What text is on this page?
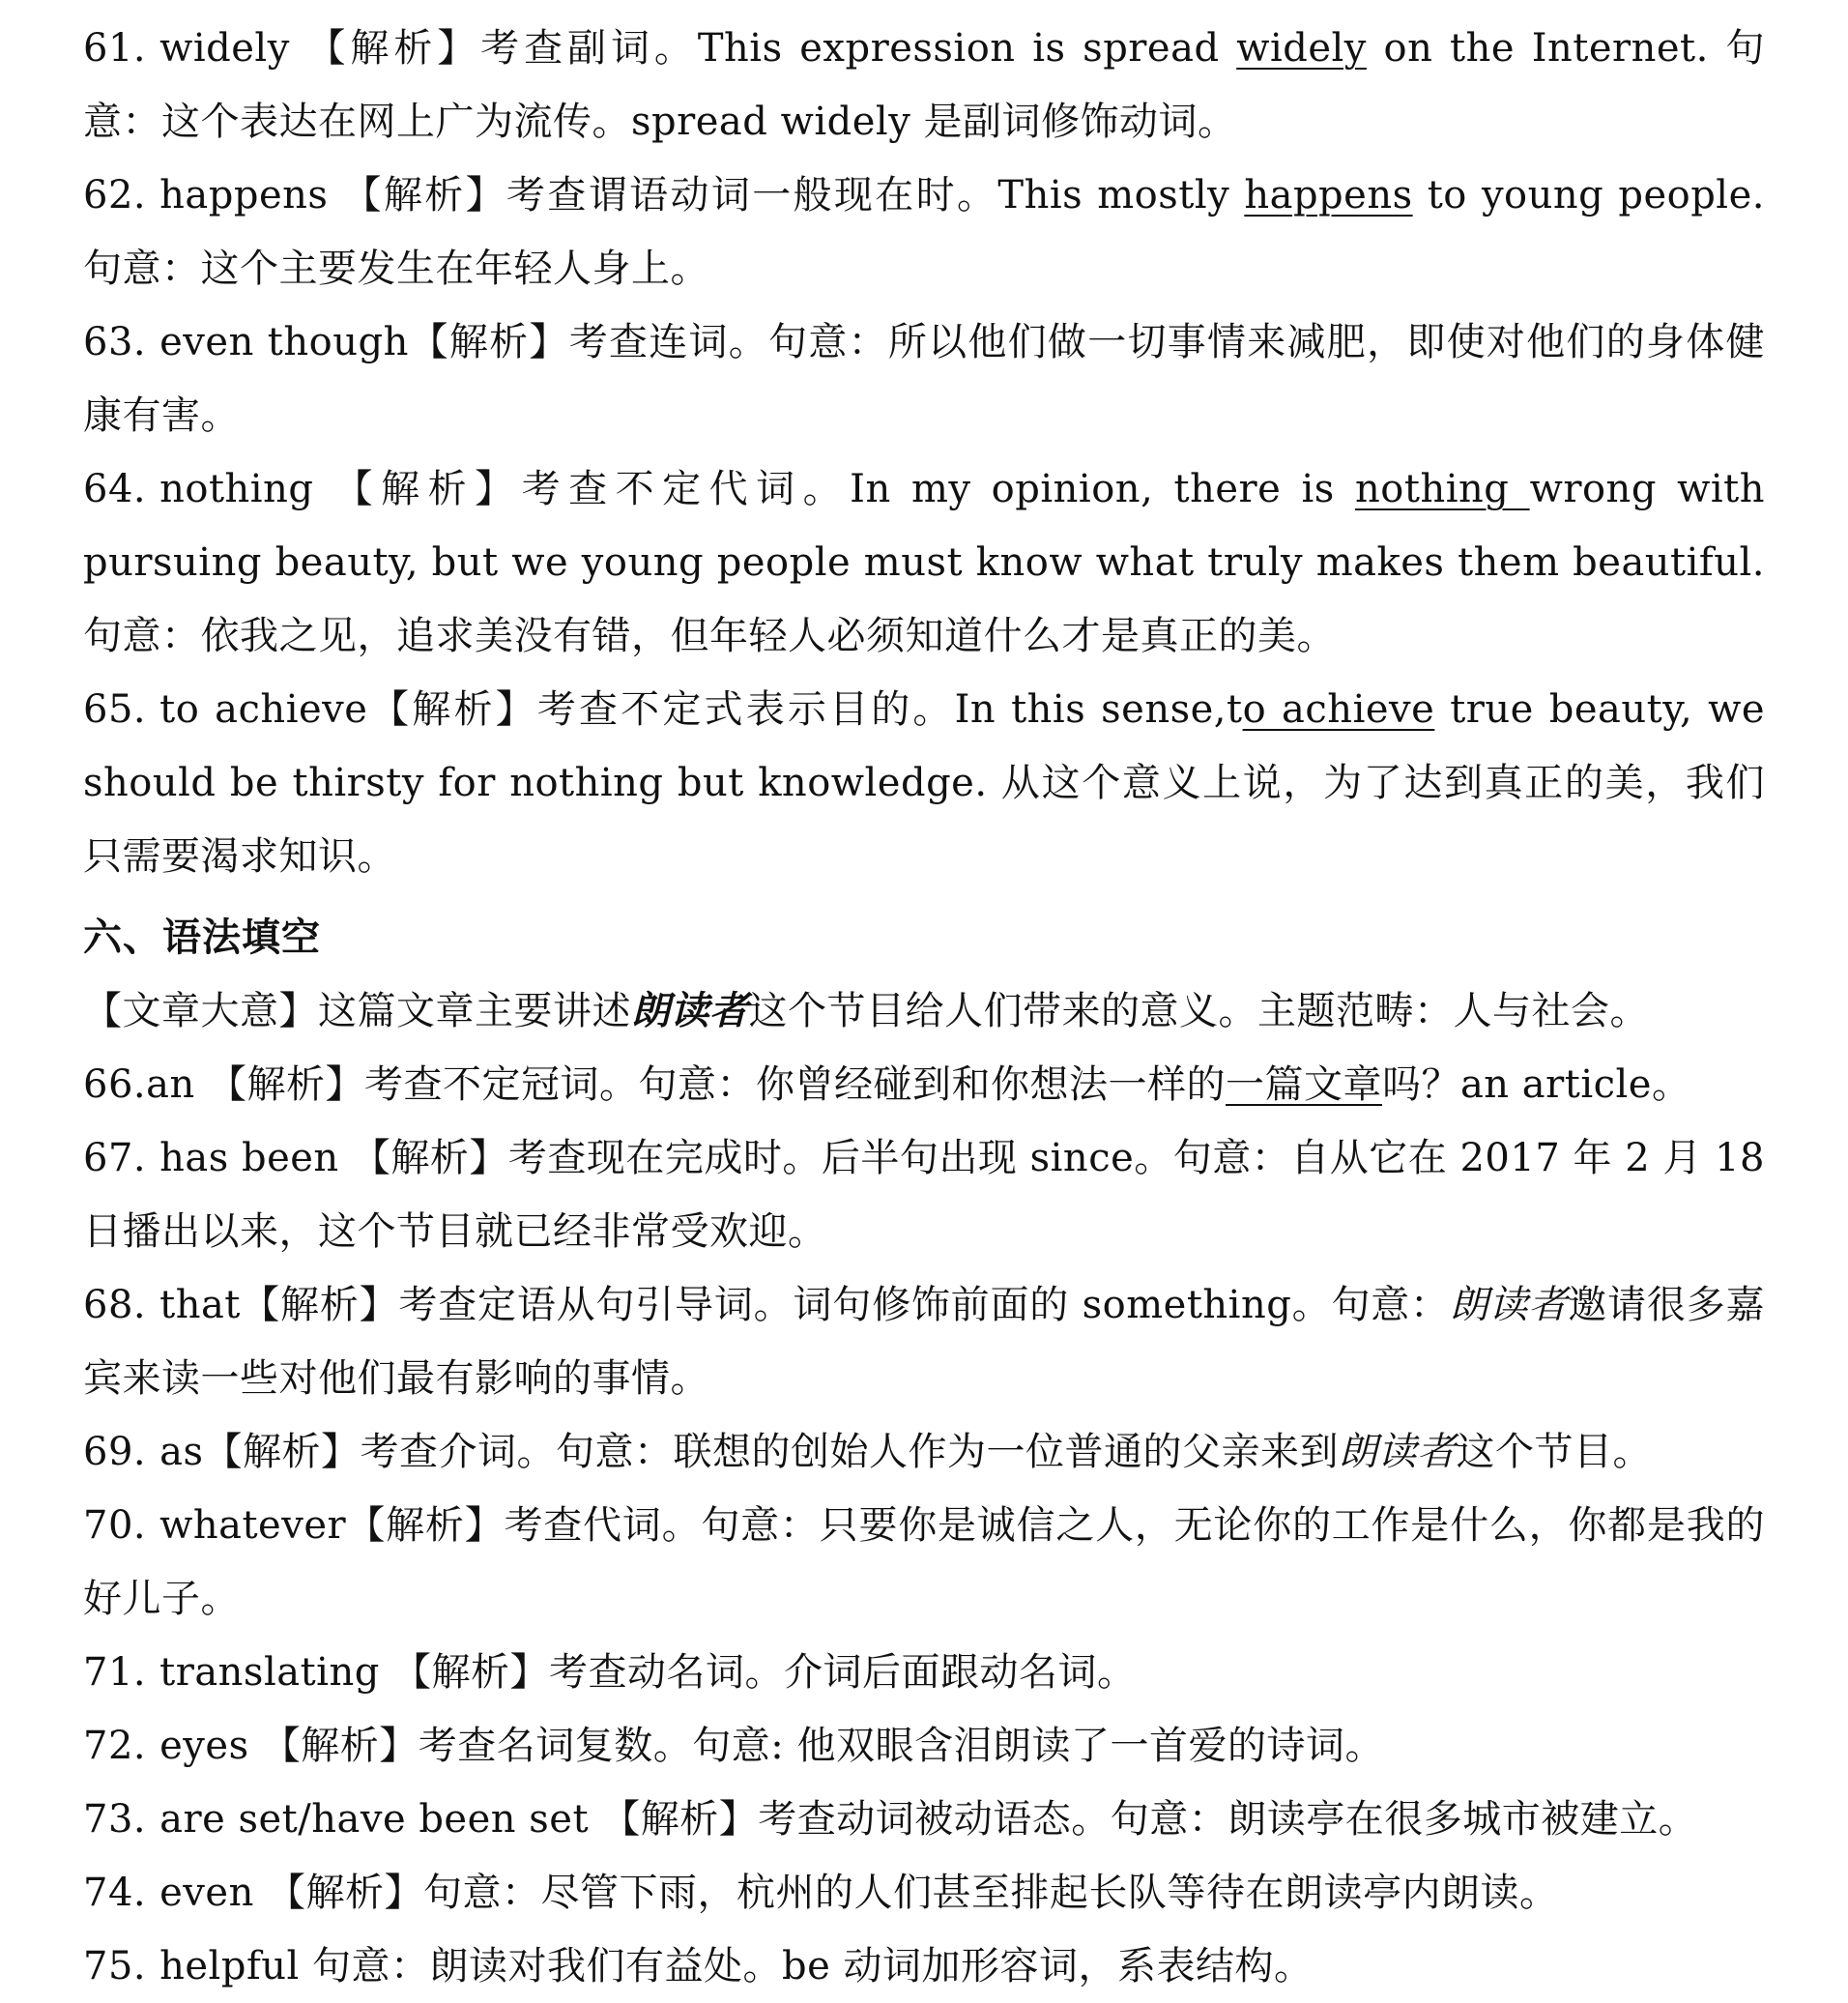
61. widely 【解析】考查副词。This expression is spread widely on the Internet. 句意：这个表达在网上广为流传。spread widely 是副词修饰动词。

62. happens 【解析】考查谓语动词一般现在时。This mostly happens to young people. 句意：这个主要发生在年轻人身上。

63. even though【解析】考查连词。句意：所以他们做一切事情来减肥，即使对他们的身体健康有害。

64. nothing 【解析】考查不定代词。In my opinion, there is nothing wrong with pursuing beauty, but we young people must know what truly makes them beautiful. 句意：依我之见，追求美没有错，但年轻人必须知道什么才是真正的美。

65. to achieve【解析】考查不定式表示目的。In this sense,to achieve true beauty, we should be thirsty for nothing but knowledge. 从这个意义上说，为了达到真正的美，我们只需要渴求知识。

六、语法填空
【文章大意】这篇文章主要讲述朗读者这个节目给人们带来的意义。主题范畴：人与社会。

66.an 【解析】考查不定冠词。句意：你曾经碰到和你想法一样的一篇文章吗？an article。

67. has been 【解析】考查现在完成时。后半句出现 since。句意：自从它在 2017 年 2 月 18 日播出以来，这个节目就已经非常受欢迎。

68. that【解析】考查定语从句引导词。词句修饰前面的 something。句意：朗读者邀请很多嘉宾来读一些对他们最有影响的事情。

69. as【解析】考查介词。句意：联想的创始人作为一位普通的父亲来到朗读者这个节目。

70. whatever【解析】考查代词。句意：只要你是诚信之人，无论你的工作是什么，你都是我的好儿子。

71. translating 【解析】考查动名词。介词后面跟动名词。

72. eyes 【解析】考查名词复数。句意: 他双眼含泪朗读了一首爱的诗词。

73. are set/have been set 【解析】考查动词被动语态。句意：朗读亭在很多城市被建立。

74. even 【解析】句意：尽管下雨，杭州的人们甚至排起长队等待在朗读亭内朗读。

75. helpful 句意：朗读对我们有益处。be 动词加形容词，系表结构。
